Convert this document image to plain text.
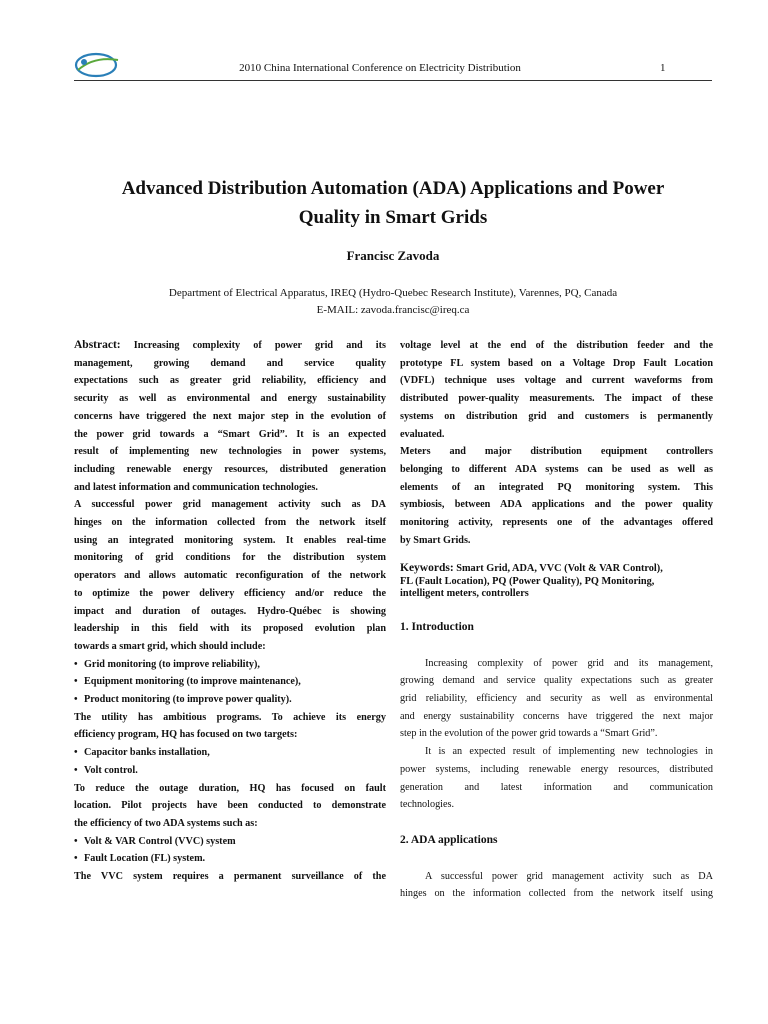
2010 China International Conference on Electricity Distribution	1
Advanced Distribution Automation (ADA) Applications and Power
Quality in Smart Grids
Francisc Zavoda
Department of Electrical Apparatus, IREQ (Hydro-Quebec Research Institute), Varennes, PQ, Canada
E-MAIL: zavoda.francisc@ireq.ca

Abstract: Increasing complexity of power grid and its

management, growing demand and service quality

expectations such as greater grid reliability, efficiency and

security as well as environmental and energy sustainability

concerns have triggered the next major step in the evolution of

the power grid towards a “Smart Grid”. It is an expected

result of implementing new technologies in power systems,

including renewable energy resources, distributed generation

and latest information and communication technologies.

A successful power grid management activity such as DA

hinges on the information collected from the network itself

using an integrated monitoring system. It enables real-time

monitoring of grid conditions for the distribution system

operators and allows automatic reconfiguration of the network

to optimize the power delivery efficiency and/or reduce the

impact and duration of outages. Hydro-Québec is showing

leadership in this field with its proposed evolution plan

towards a smart grid, which should include:

• Grid monitoring (to improve reliability),

• Equipment monitoring (to improve maintenance),

• Product monitoring (to improve power quality).

The utility has ambitious programs. To achieve its energy

efficiency program, HQ has focused on two targets:

• Capacitor banks installation,

• Volt control.

To reduce the outage duration, HQ has focused on fault

location. Pilot projects have been conducted to demonstrate

the efficiency of two ADA systems such as:

• Volt & VAR Control (VVC) system

• Fault Location (FL) system.

The VVC system requires a permanent surveillance of the

voltage level at the end of the distribution feeder and the

prototype FL system based on a Voltage Drop Fault Location

(VDFL) technique uses voltage and current waveforms from

distributed power-quality measurements. The impact of these

systems on distribution grid and customers is permanently

evaluated.

Meters and major distribution equipment controllers

belonging to different ADA systems can be used as well as

elements of an integrated PQ monitoring system. This

symbiosis, between ADA applications and the power quality

monitoring activity, represents one of the advantages offered

by Smart Grids.

Keywords: Smart Grid, ADA, VVC (Volt & VAR Control),
FL (Fault Location), PQ (Power Quality), PQ Monitoring,
intelligent meters, controllers

1. Introduction

Increasing complexity of power grid and its management,

growing demand and service quality expectations such as greater

grid reliability, efficiency and security as well as environmental

and energy sustainability concerns have triggered the next major

step in the evolution of the power grid towards a “Smart Grid”.

It is an expected result of implementing new technologies in

power systems, including renewable energy resources, distributed

generation and latest information and communication

technologies.

2. ADA applications

A successful power grid management activity such as DA

hinges on the information collected from the network itself using
